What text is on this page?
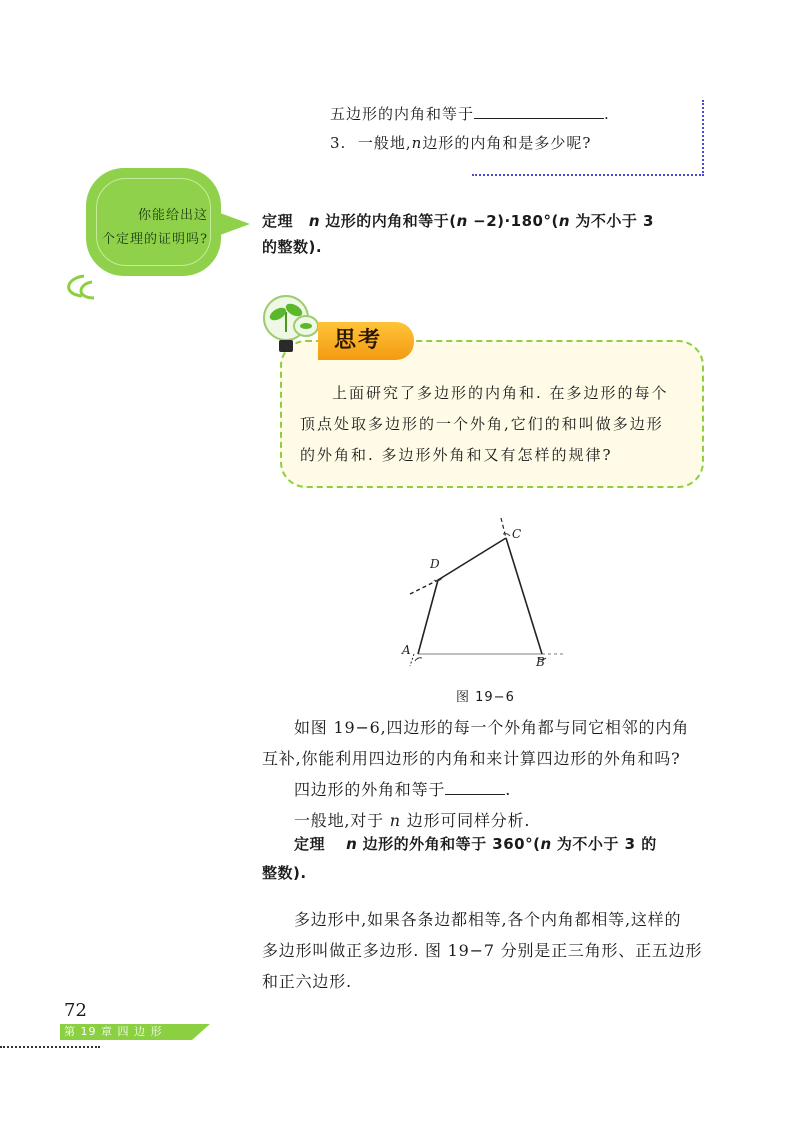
五边形的内角和等于	.
3. 一般地,n边形的内角和是多少呢?
你能给出这
个定理的证明吗?
定理 n 边形的内角和等于(n −2)·180°(n 为不小于 3
的整数).
思考
上面研究了多边形的内角和. 在多边形的每个
顶点处取多边形的一个外角,它们的和叫做多边形
的外角和. 多边形外角和又有怎样的规律?
A
B
C
D
图 19−6
如图 19−6,四边形的每一个外角都与同它相邻的内角
互补,你能利用四边形的内角和来计算四边形的外角和吗?
四边形的外角和等于	.
一般地,对于 n 边形可同样分析.
定理 n 边形的外角和等于 360°(n 为不小于 3 的
整数).
多边形中,如果各条边都相等,各个内角都相等,这样的
多边形叫做正多边形. 图 19−7 分别是正三角形、正五边形
和正六边形.
72
第 19 章 四 边 形
